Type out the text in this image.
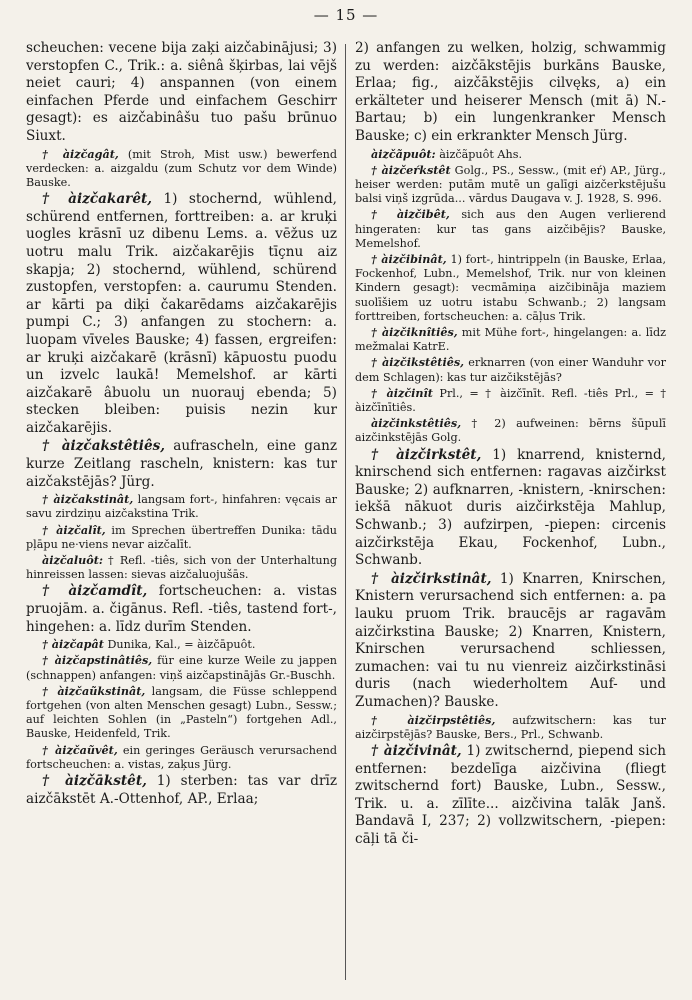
— 15 —

scheuchen: vecene bija zaķi aizčabinājusi; 3) verstopfen C., Trik.: a. siênâ šķirbas, lai vējš neiet cauri; 4) anspannen (von einem einfachen Pferde und einfachem Geschirr gesagt): es aizčabinâšu tuo pašu brūnuo Siuxt.

† àizčagât, (mit Stroh, Mist usw.) bewerfend verdecken: a. aizgaldu (zum Schutz vor dem Winde) Bauske.

† àizčakarêt, 1) stochernd, wühlend, schürend entfernen, forttreiben: a. ar kruķi uogles krāsnī uz dibenu Lems. a. vēžus uz uotru malu Trik. aizčakarējis tīçnu aiz skapja; 2) stochernd, wühlend, schürend zustopfen, verstopfen: a. caurumu Stenden. ar kārti pa diķi čakarēdams aizčakarējis pumpi C.; 3) anfangen zu stochern: a. luopam vīveles Bauske; 4) fassen, ergreifen: ar kruķi aizčakarē (krāsnī) kāpuostu puodu un izvelc laukā! Memelshof. ar kārti aizčakarē âbuolu un nuorauj ebenda; 5) stecken bleiben: puisis nezin kur aizčakarējis.

† àizčakstêtiês, aufrascheln, eine ganz kurze Zeitlang rascheln, knistern: kas tur aizčakstējās? Jürg.

† àizčakstinât, langsam fort-, hinfahren: vęcais ar savu zirdziņu aizčakstina Trik.

† àizčalît, im Sprechen übertreffen Dunika: tādu pļāpu ne·viens nevar aizčalīt.

àizčaluôt: † Refl. -tiês, sich von der Unterhaltung hinreissen lassen: sievas aizčaluojušās.

† àizčamdît, fortscheuchen: a. vistas pruojām. a. čigānus. Refl. -tiês, tastend fort-, hingehen: a. līdz durīm Stenden.

† àizčapât Dunika, Kal., = àizčāpuôt.

† àizčapstinâtiês, für eine kurze Weile zu jappen (schnappen) anfangen: viņš aizčapstinājās Gr.-Buschh.

† àizčaũkstinât, langsam, die Füsse schleppend fortgehen (von alten Menschen gesagt) Lubn., Sessw.; auf leichten Sohlen (in „Pasteln“) fortgehen Adl., Bauske, Heidenfeld, Trik.

† àizčaũvêt, ein geringes Geräusch verursachend fortscheuchen: a. vistas, zaķus Jürg.

† àizčākstêt, 1) sterben: tas var drīz aizčākstēt A.-Ottenhof, AP., Erlaa;

2) anfangen zu welken, holzig, schwammig zu werden: aizčākstējis burkāns Bauske, Erlaa; fig., aizčākstējis cilvęks, a) ein erkälteter und heiserer Mensch (mit ā) N.-Bartau; b) ein lungenkranker Mensch Bauske; c) ein erkrankter Mensch Jürg.

àizčãpuôt: àizčãpuôt Ahs.

† àizčeŕkstêt Golg., PS., Sessw., (mit eŕ) AP., Jürg., heiser werden: putām mutē un galīgi aizčerkstējušu balsi viņš izgrūda... vārdus Daugava v. J. 1928, S. 996.

† àizčibêt, sich aus den Augen verlierend hingeraten: kur tas gans aizčibējis? Bauske, Memelshof.

† àizčibinât, 1) fort-, hintrippeln (in Bauske, Erlaa, Fockenhof, Lubn., Memelshof, Trik. nur von kleinen Kindern gesagt): vecmāmiņa aizčibināja maziem suolīšiem uz uotru istabu Schwanb.; 2) langsam forttreiben, fortscheuchen: a. cāļus Trik.

† àizčiknîtiês, mit Mühe fort-, hingelangen: a. līdz mežmalai KatrE.

† àizčikstêtiês, erknarren (von einer Wanduhr vor dem Schlagen): kas tur aizčikstējās?

† àizčinît Prl., = † àizčīnīt. Refl. -tiês Prl., = † àizčīnītiês.

àizčinkstêtiês, † 2) aufweinen: bērns šūpulī aizčinkstējās Golg.

† àizčirkstêt, 1) knarrend, knisternd, knirschend sich entfernen: ragavas aizčirkst Bauske; 2) aufknarren, -knistern, -knirschen: iekšā nākuot duris aizčirkstēja Mahlup, Schwanb.; 3) aufzirpen, -piepen: circenis aizčirkstēja Ekau, Fockenhof, Lubn., Schwanb.

† àizčirkstinât, 1) Knarren, Knirschen, Knistern verursachend sich entfernen: a. pa lauku pruom Trik. braucējs ar ragavām aizčirkstina Bauske; 2) Knarren, Knistern, Knirschen verursachend schliessen, zumachen: vai tu nu vienreiz aizčirkstināsi duris (nach wiederholtem Auf- und Zumachen)? Bauske.

† àizčirpstêtiês, aufzwitschern: kas tur aizčirpstējās? Bauske, Bers., Prl., Schwanb.

† àizčivinât, 1) zwitschernd, piepend sich entfernen: bezdelīga aizčivina (fliegt zwitschernd fort) Bauske, Lubn., Sessw., Trik. u. a. zīlīte... aizčivina talāk Janš. Bandavā I, 237; 2) vollzwitschern, -piepen: cāļi tā či-
